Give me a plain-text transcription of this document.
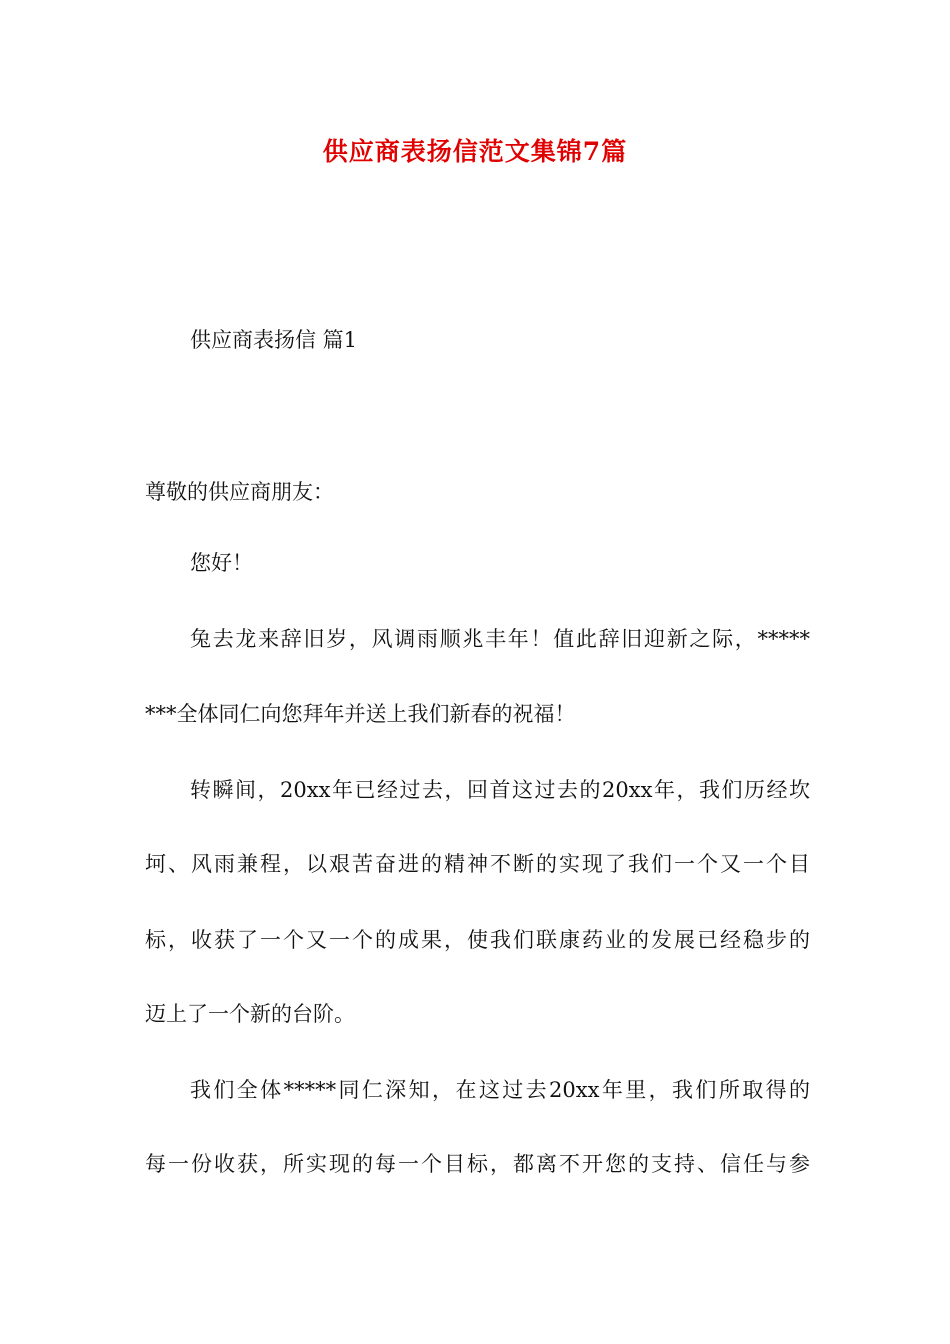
供应商表扬信范文集锦7篇
供应商表扬信 篇1
尊敬的供应商朋友：
您好！
兔去龙来辞旧岁，风调雨顺兆丰年！值此辞旧迎新之际，*****
***全体同仁向您拜年并送上我们新春的祝福！
转瞬间，20xx年已经过去，回首这过去的20xx年，我们历经坎
坷、风雨兼程，以艰苦奋进的精神不断的实现了我们一个又一个目
标，收获了一个又一个的成果，使我们联康药业的发展已经稳步的
迈上了一个新的台阶。
我们全体*****同仁深知，在这过去20xx年里，我们所取得的
每一份收获，所实现的每一个目标，都离不开您的支持、信任与参
